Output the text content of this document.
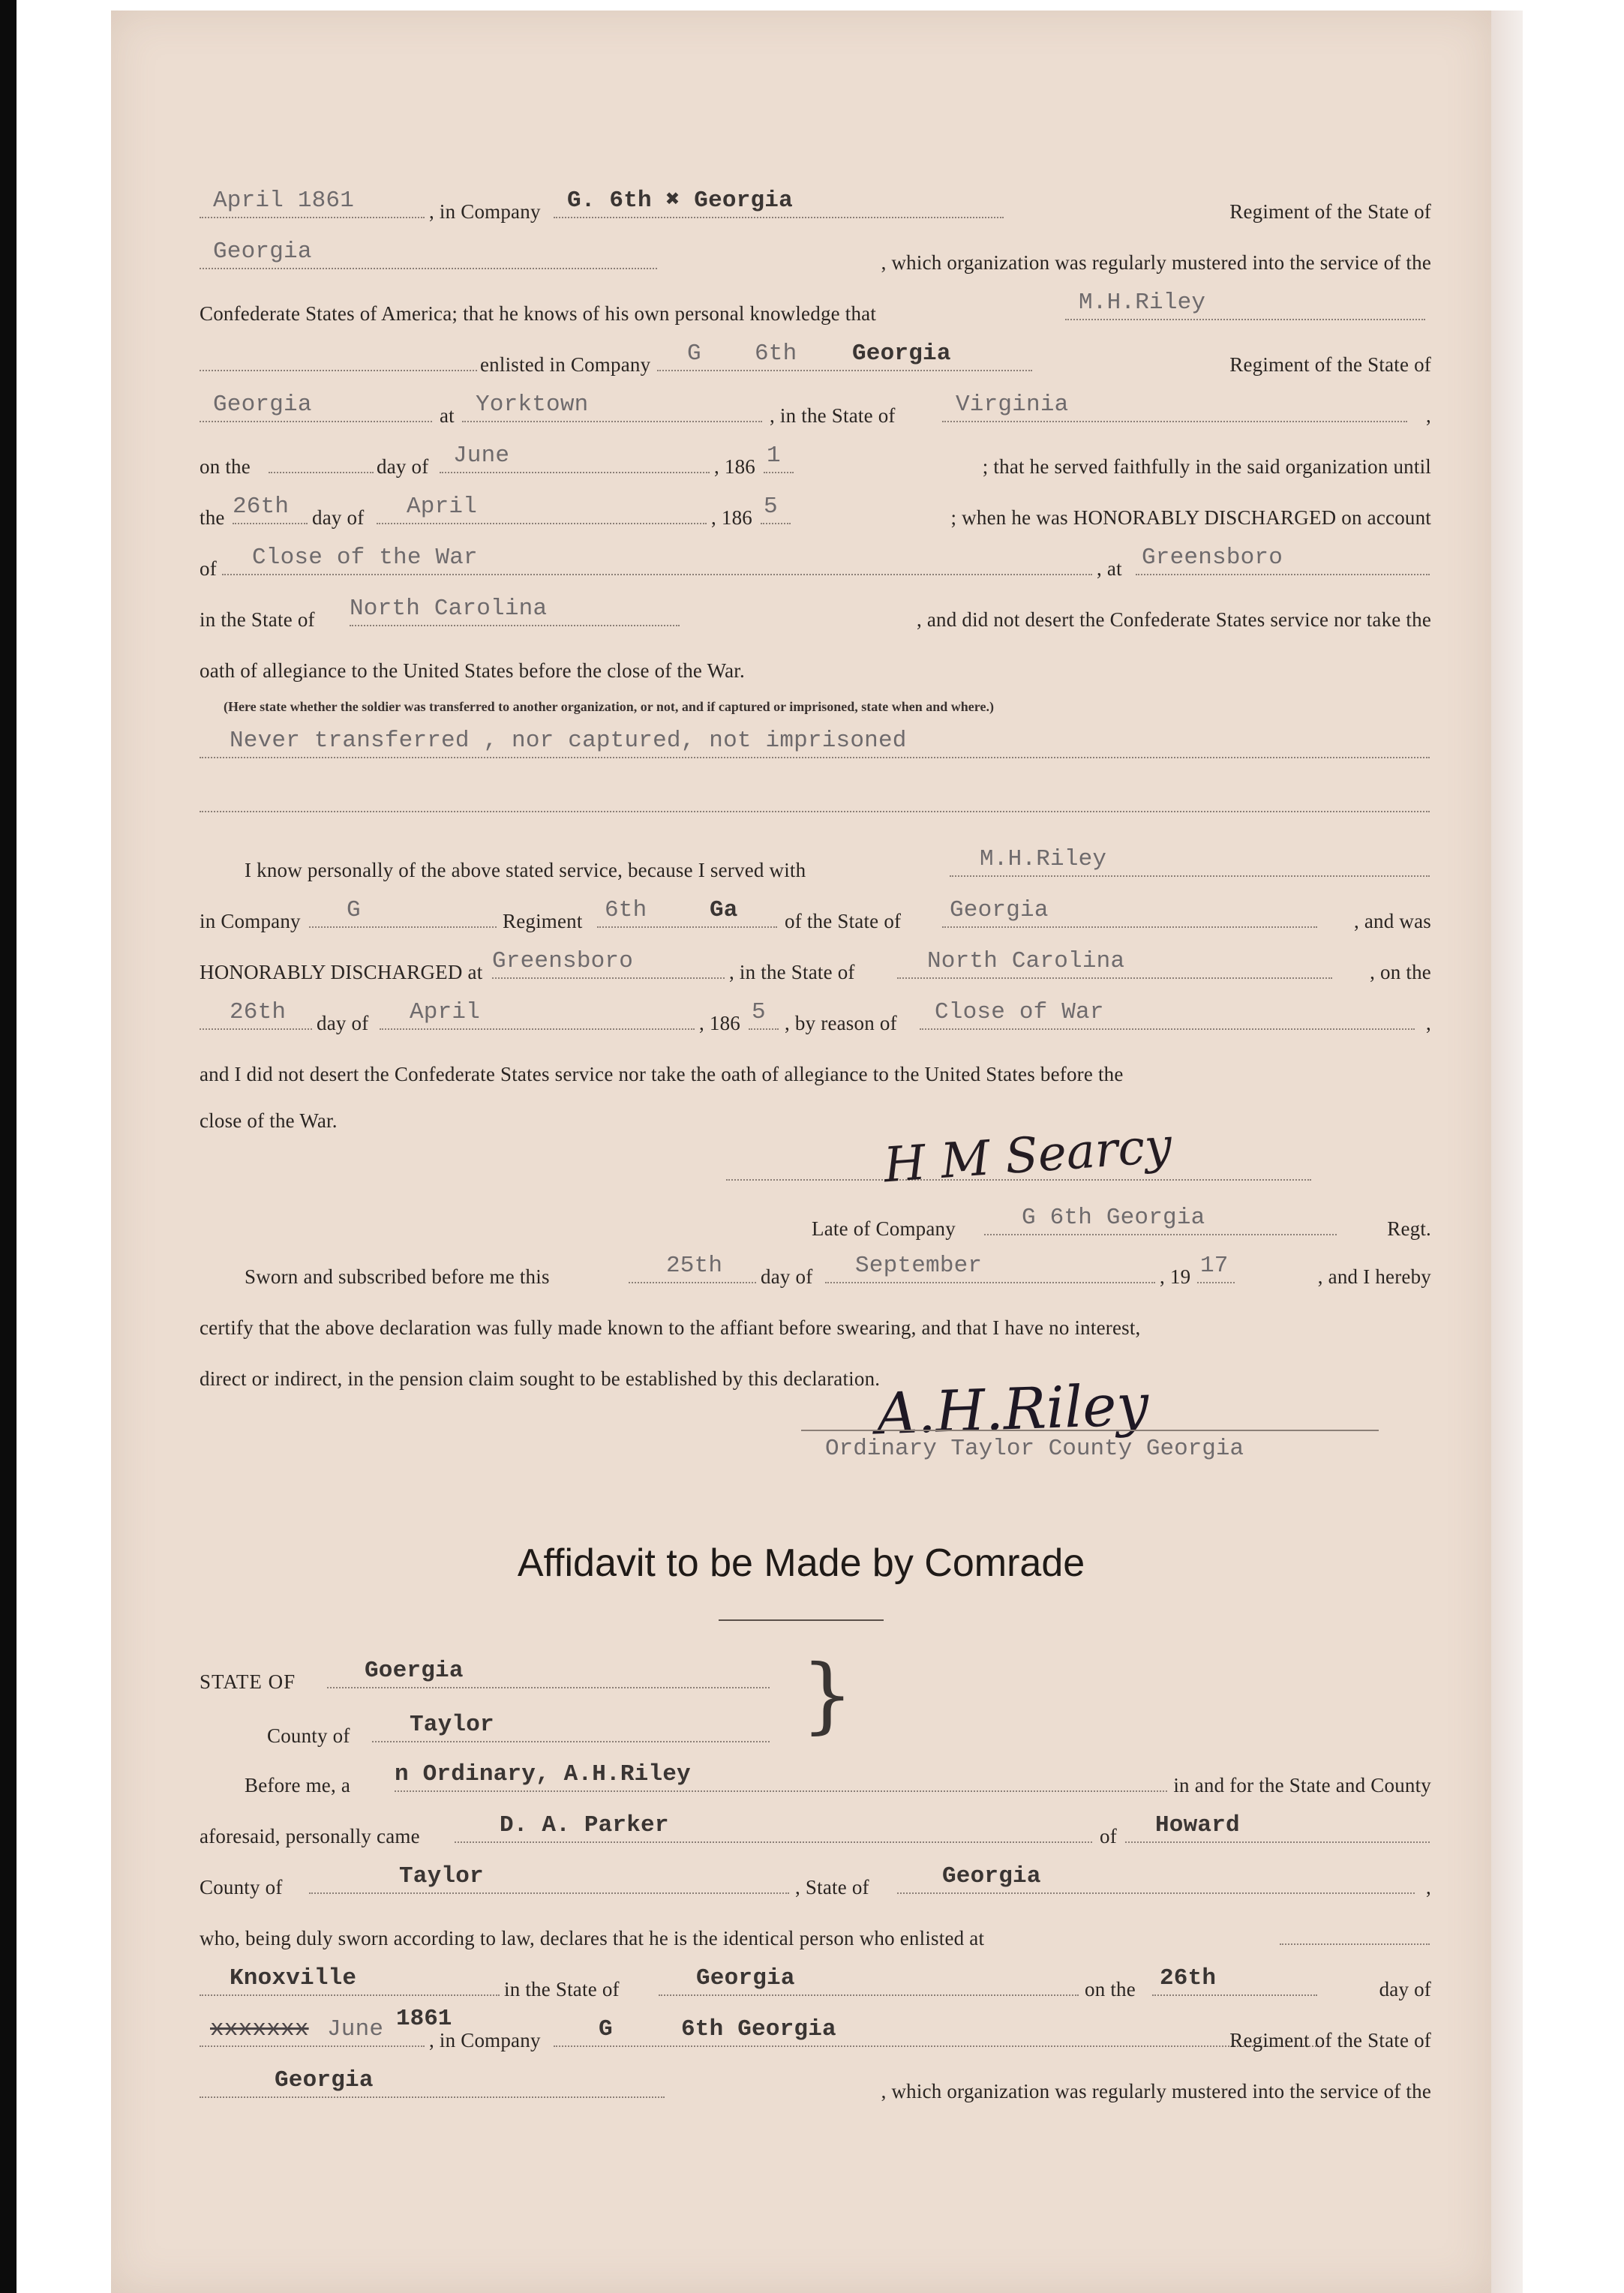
April 1861	, in Company	G. 6th ✖ Georgia	Regiment of the State of
Georgia	, which organization was regularly mustered into the service of the
Confederate States of America; that he knows of his own personal knowledge that	M.H.Riley
enlisted in Company	G	6th	Georgia	Regiment of the State of
Georgia	at Yorktown	, in the State of	Virginia	,
on the	day of	June	, 186 1	; that he served faithfully in the said organization until
the 26th	day of	April	, 186 5	; when he was HONORABLY DISCHARGED on account
of	Close of the War	, at Greensboro
in the State of North Carolina	, and did not desert the Confederate States service nor take the
oath of allegiance to the United States before the close of the War.
(Here state whether the soldier was transferred to another organization, or not, and if captured or imprisoned, state when and where.)
Never transferred , nor captured, not imprisoned
I know personally of the above stated service, because I served with	M.H.Riley
in Company	G	Regiment 6th	Ga	of the State of	Georgia	, and was
HONORABLY DISCHARGED at Greensboro	, in the State of	North Carolina	, on the
26th	day of	April	, 186 5 , by reason of	Close of War	,
and I did not desert the Confederate States service nor take the oath of allegiance to the United States before the
close of the War.	H M Searcy
Late of Company	G 6th Georgia	Regt.
Sworn and subscribed before me this	25th	day of	September	, 19 17	, and I hereby
certify that the above declaration was fully made known to the affiant before swearing, and that I have no interest,
direct or indirect, in the pension claim sought to be established by this declaration.
A.H.Riley
Ordinary Taylor County Georgia
Affidavit to be Made by Comrade
STATE OF	Goergia	}
County of	Taylor
Before me, a n Ordinary, A.H.Riley	in and for the State and County
aforesaid, personally came	D. A. Parker	of	Howard
County of	Taylor	, State of	Georgia	,
who, being duly sworn according to law, declares that he is the identical person who enlisted at
Knoxville	in the State of	Georgia	on the	26th	day of
1861
xxxxxxx June	, in Company	G	6th Georgia	Regiment of the State of
Georgia	, which organization was regularly mustered into the service of the
